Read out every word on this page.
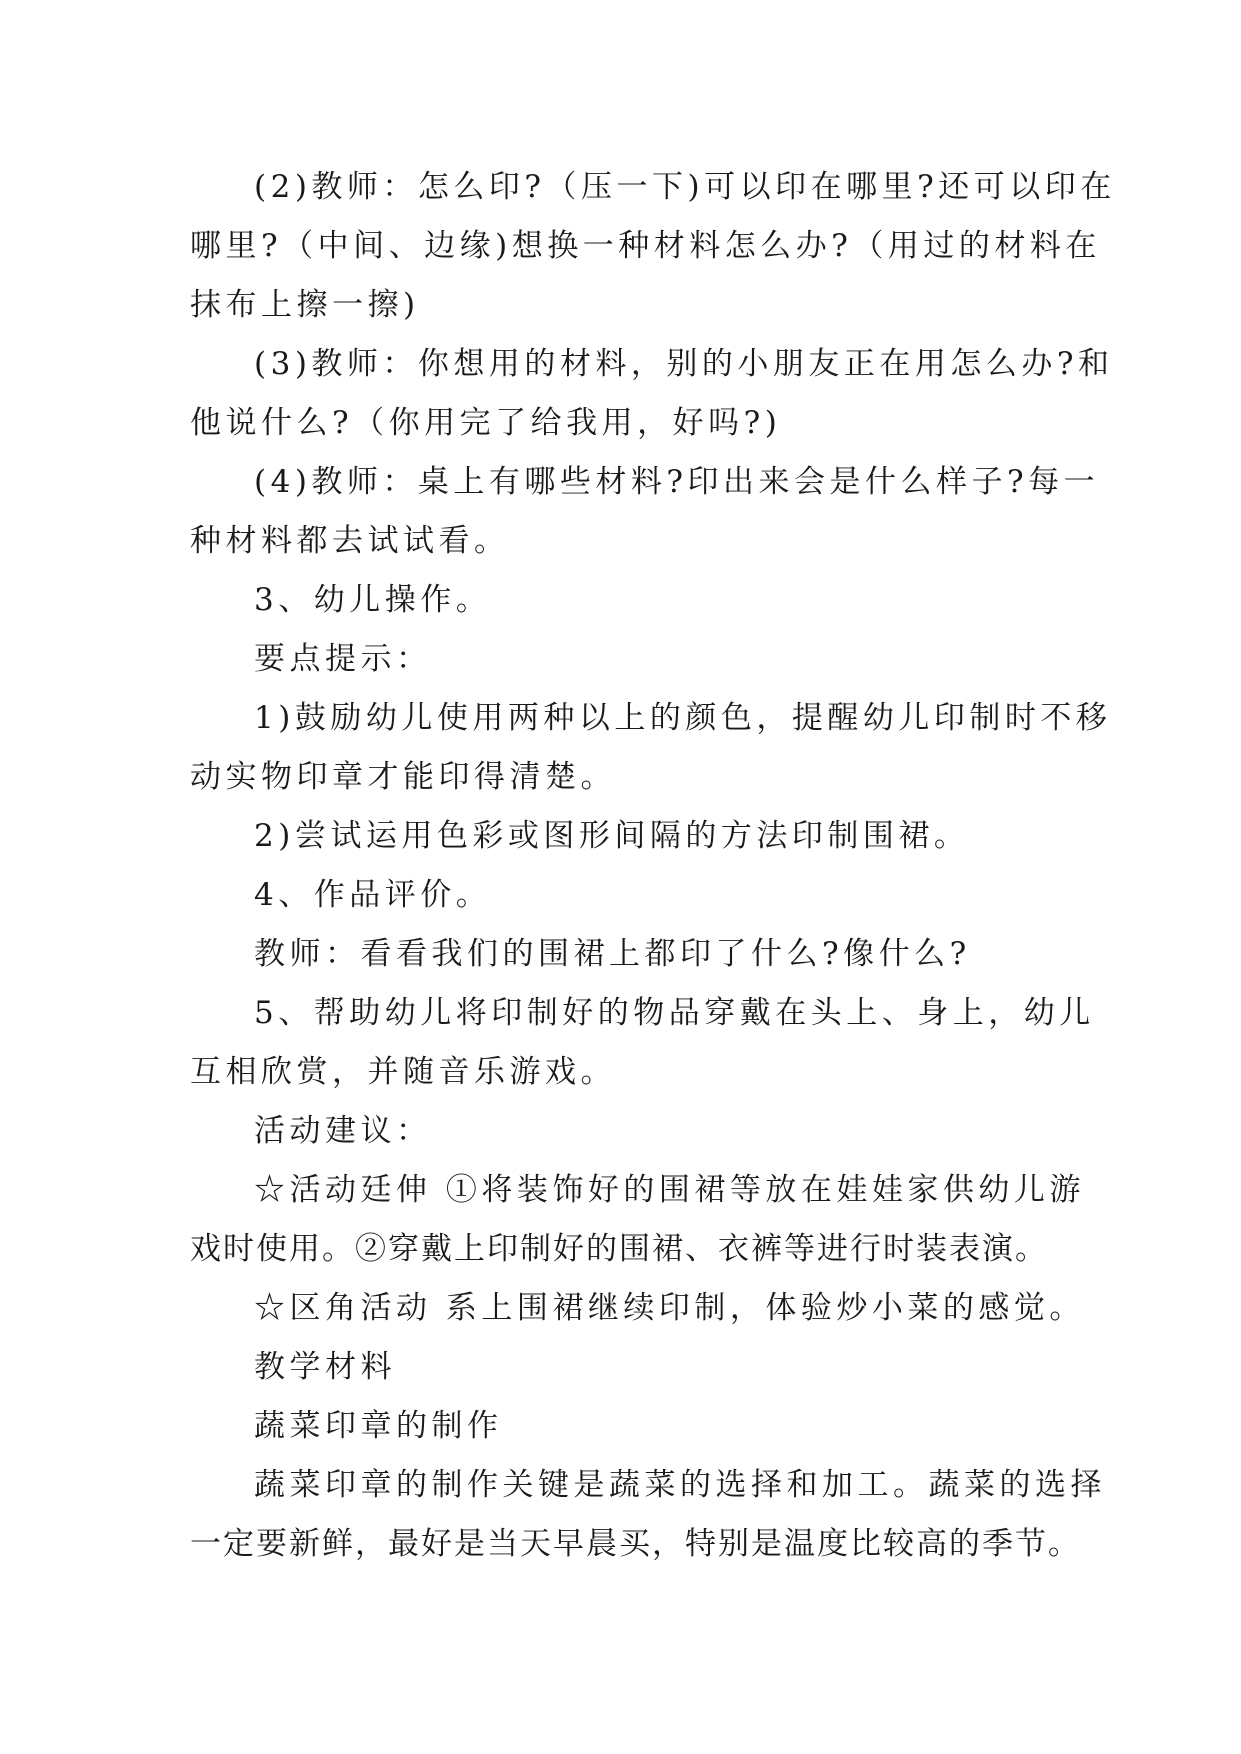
(2)教师：怎么印?（压一下)可以印在哪里?还可以印在
哪里?（中间、边缘)想换一种材料怎么办?（用过的材料在
抹布上擦一擦)
(3)教师：你想用的材料，别的小朋友正在用怎么办?和
他说什么?（你用完了给我用，好吗?)
(4)教师：桌上有哪些材料?印出来会是什么样子?每一
种材料都去试试看。
3、幼儿操作。
要点提示：
1)鼓励幼儿使用两种以上的颜色，提醒幼儿印制时不移
动实物印章才能印得清楚。
2)尝试运用色彩或图形间隔的方法印制围裙。
4、作品评价。
教师：看看我们的围裙上都印了什么?像什么?
5、帮助幼儿将印制好的物品穿戴在头上、身上，幼儿
互相欣赏，并随音乐游戏。
活动建议：
☆活动廷伸 ①将装饰好的围裙等放在娃娃家供幼儿游
戏时使用。②穿戴上印制好的围裙、衣裤等进行时装表演。
☆区角活动 系上围裙继续印制，体验炒小菜的感觉。
教学材料
蔬菜印章的制作
蔬菜印章的制作关键是蔬菜的选择和加工。蔬菜的选择
一定要新鲜，最好是当天早晨买，特别是温度比较高的季节。
